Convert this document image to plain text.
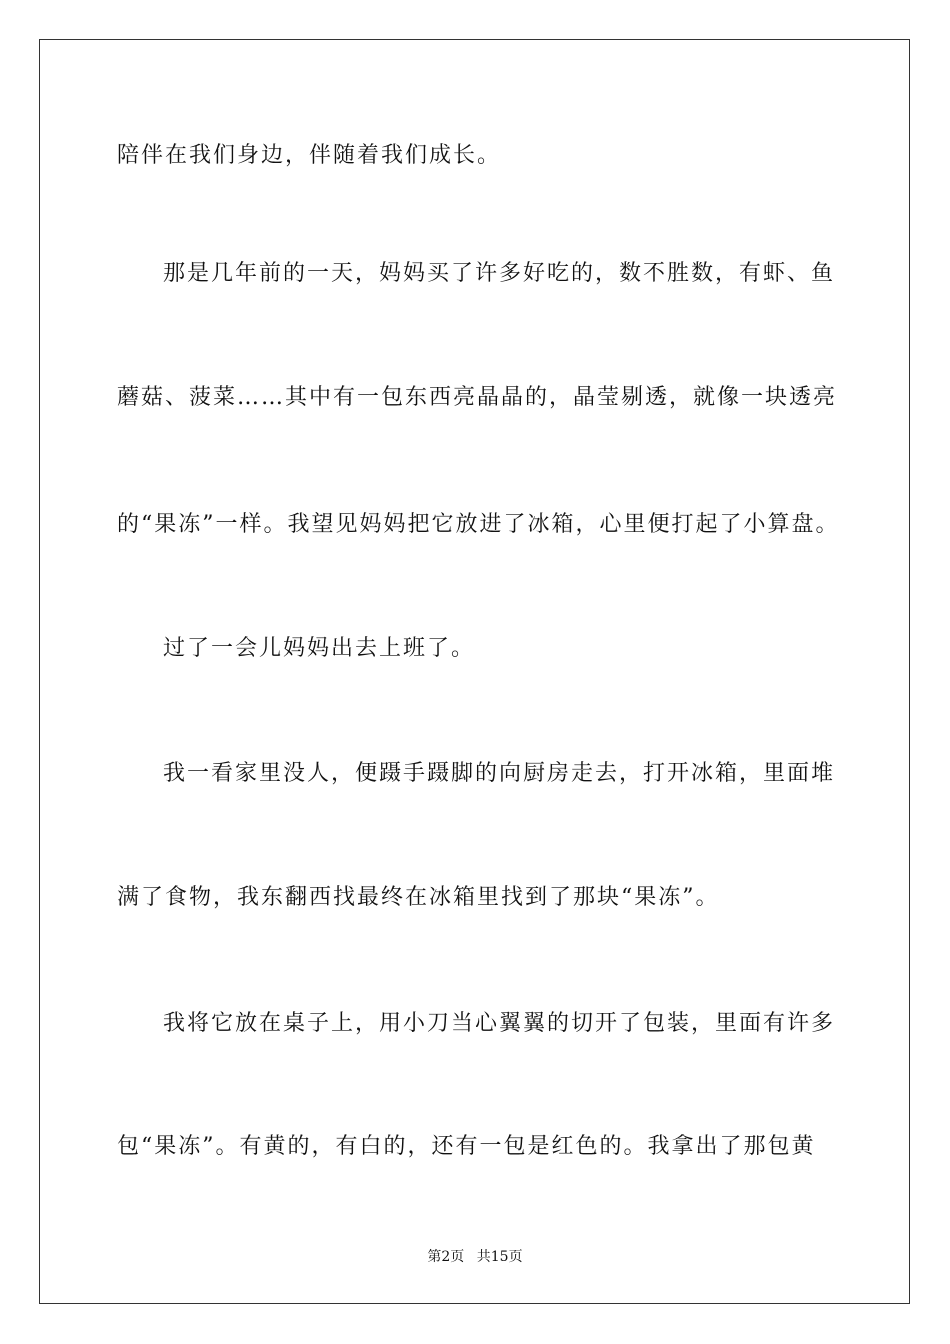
陪伴在我们身边，伴随着我们成长。
那是几年前的一天，妈妈买了许多好吃的，数不胜数，有虾、鱼
蘑菇、菠菜……其中有一包东西亮晶晶的，晶莹剔透，就像一块透亮
的“果冻”一样。我望见妈妈把它放进了冰箱，心里便打起了小算盘。
过了一会儿妈妈出去上班了。
我一看家里没人，便蹑手蹑脚的向厨房走去，打开冰箱，里面堆
满了食物，我东翻西找最终在冰箱里找到了那块“果冻”。
我将它放在桌子上，用小刀当心翼翼的切开了包装，里面有许多
包“果冻”。有黄的，有白的，还有一包是红色的。我拿出了那包黄
第2页 共15页
